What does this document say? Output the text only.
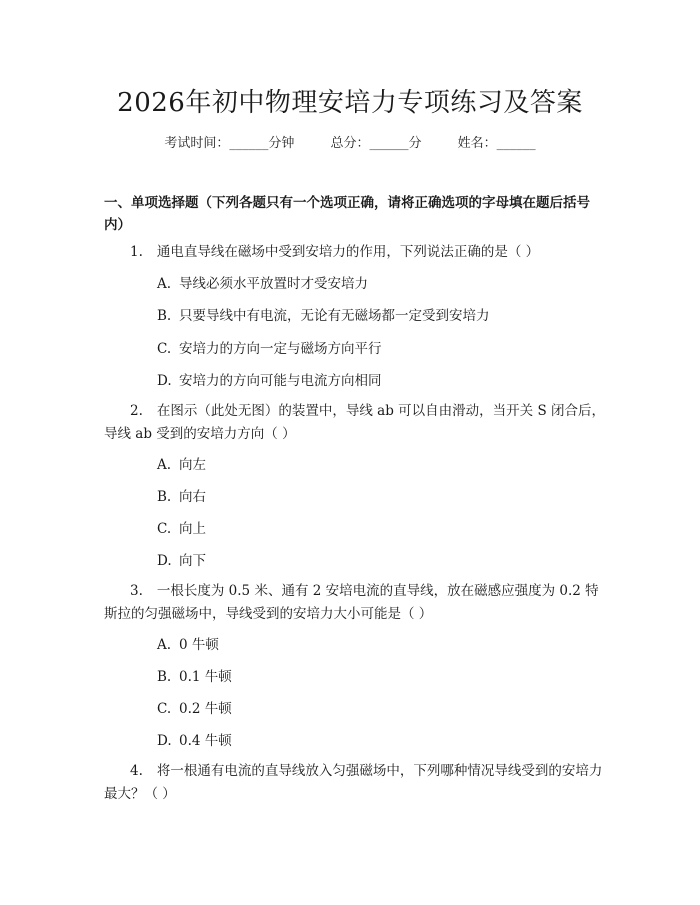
2026年初中物理安培力专项练习及答案
考试时间：______分钟	总分：______分	姓名：______
一、单项选择题（下列各题只有一个选项正确，请将正确选项的字母填在题后括号内）
1. 通电直导线在磁场中受到安培力的作用，下列说法正确的是（ ）
A. 导线必须水平放置时才受安培力
B. 只要导线中有电流，无论有无磁场都一定受到安培力
C. 安培力的方向一定与磁场方向平行
D. 安培力的方向可能与电流方向相同
2. 在图示（此处无图）的装置中，导线 ab 可以自由滑动，当开关 S 闭合后，导线 ab 受到的安培力方向（ ）
A. 向左
B. 向右
C. 向上
D. 向下
3. 一根长度为 0.5 米、通有 2 安培电流的直导线，放在磁感应强度为 0.2 特斯拉的匀强磁场中，导线受到的安培力大小可能是（ ）
A. 0 牛顿
B. 0.1 牛顿
C. 0.2 牛顿
D. 0.4 牛顿
4. 将一根通有电流的直导线放入匀强磁场中，下列哪种情况导线受到的安培力最大？（ ）
